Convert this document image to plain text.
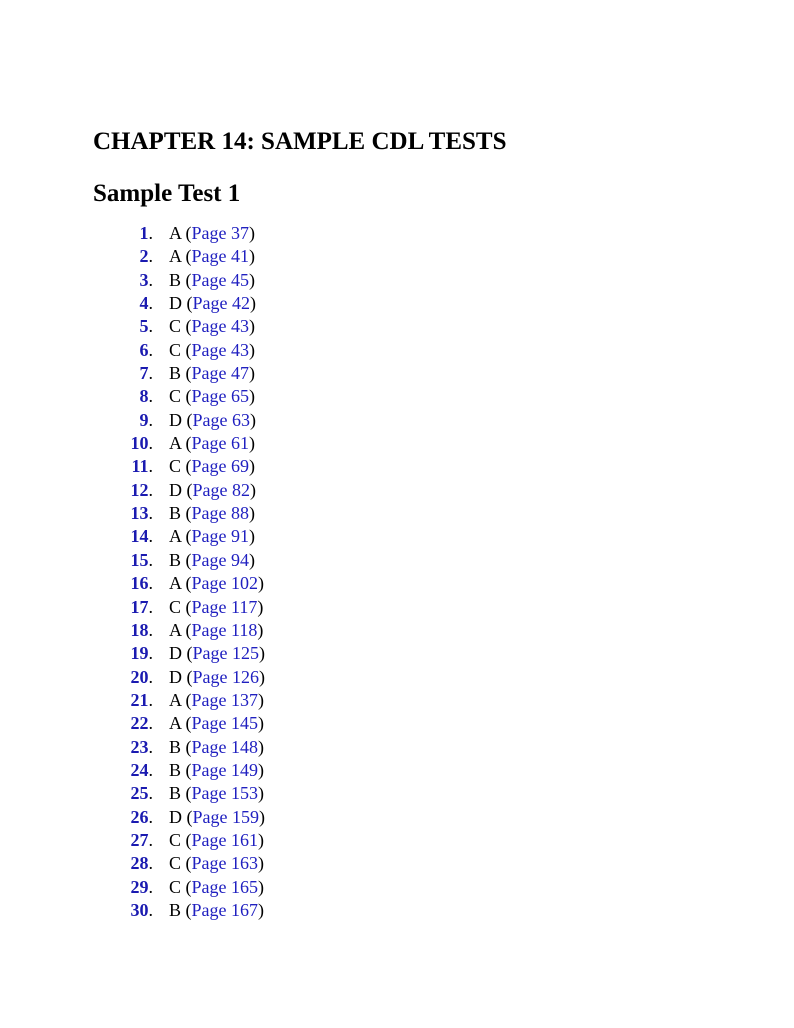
CHAPTER 14: SAMPLE CDL TESTS
Sample Test 1
1. A (Page 37)
2. A (Page 41)
3. B (Page 45)
4. D (Page 42)
5. C (Page 43)
6. C (Page 43)
7. B (Page 47)
8. C (Page 65)
9. D (Page 63)
10. A (Page 61)
11. C (Page 69)
12. D (Page 82)
13. B (Page 88)
14. A (Page 91)
15. B (Page 94)
16. A (Page 102)
17. C (Page 117)
18. A (Page 118)
19. D (Page 125)
20. D (Page 126)
21. A (Page 137)
22. A (Page 145)
23. B (Page 148)
24. B (Page 149)
25. B (Page 153)
26. D (Page 159)
27. C (Page 161)
28. C (Page 163)
29. C (Page 165)
30. B (Page 167)
